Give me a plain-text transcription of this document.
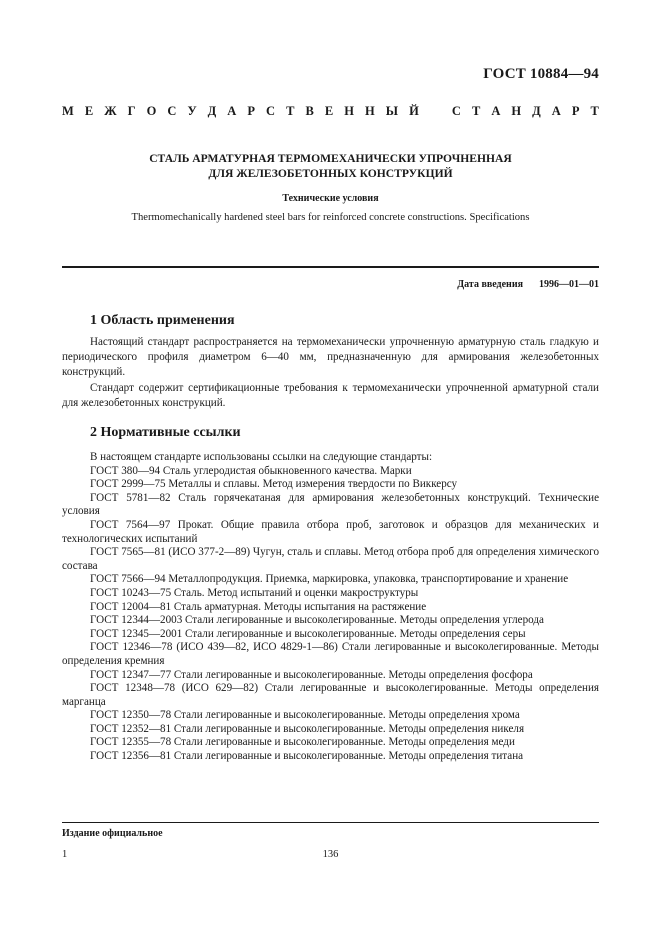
ГОСТ 10884—94
М Е Ж Г О С У Д А Р С Т В Е Н Н Ы Й	С Т А Н Д А Р Т
СТАЛЬ АРМАТУРНАЯ ТЕРМОМЕХАНИЧЕСКИ УПРОЧНЕННАЯ
ДЛЯ ЖЕЛЕЗОБЕТОННЫХ КОНСТРУКЦИЙ
Технические условия
Thermomechanically hardened steel bars for reinforced concrete constructions. Specifications
Дата введения 1996—01—01
1 Область применения
Настоящий стандарт распространяется на термомеханически упрочненную арматурную сталь гладкую и периодического профиля диаметром 6—40 мм, предназначенную для армирования железобетонных конструкций.
Стандарт содержит сертификационные требования к термомеханически упрочненной арматурной стали для железобетонных конструкций.
2 Нормативные ссылки
В настоящем стандарте использованы ссылки на следующие стандарты:
ГОСТ 380—94 Сталь углеродистая обыкновенного качества. Марки
ГОСТ 2999—75 Металлы и сплавы. Метод измерения твердости по Виккерсу
ГОСТ 5781—82 Сталь горячекатаная для армирования железобетонных конструкций. Технические условия
ГОСТ 7564—97 Прокат. Общие правила отбора проб, заготовок и образцов для механических и технологических испытаний
ГОСТ 7565—81 (ИСО 377-2—89) Чугун, сталь и сплавы. Метод отбора проб для определения химического состава
ГОСТ 7566—94 Металлопродукция. Приемка, маркировка, упаковка, транспортирование и хранение
ГОСТ 10243—75 Сталь. Метод испытаний и оценки макроструктуры
ГОСТ 12004—81 Сталь арматурная. Методы испытания на растяжение
ГОСТ 12344—2003 Стали легированные и высоколегированные. Методы определения углерода
ГОСТ 12345—2001 Стали легированные и высоколегированные. Методы определения серы
ГОСТ 12346—78 (ИСО 439—82, ИСО 4829-1—86) Стали легированные и высоколегированные. Методы определения кремния
ГОСТ 12347—77 Стали легированные и высоколегированные. Методы определения фосфора
ГОСТ 12348—78 (ИСО 629—82) Стали легированные и высоколегированные. Методы определения марганца
ГОСТ 12350—78 Стали легированные и высоколегированные. Методы определения хрома
ГОСТ 12352—81 Стали легированные и высоколегированные. Методы определения никеля
ГОСТ 12355—78 Стали легированные и высоколегированные. Методы определения меди
ГОСТ 12356—81 Стали легированные и высоколегированные. Методы определения титана
Издание официальное
1	136
